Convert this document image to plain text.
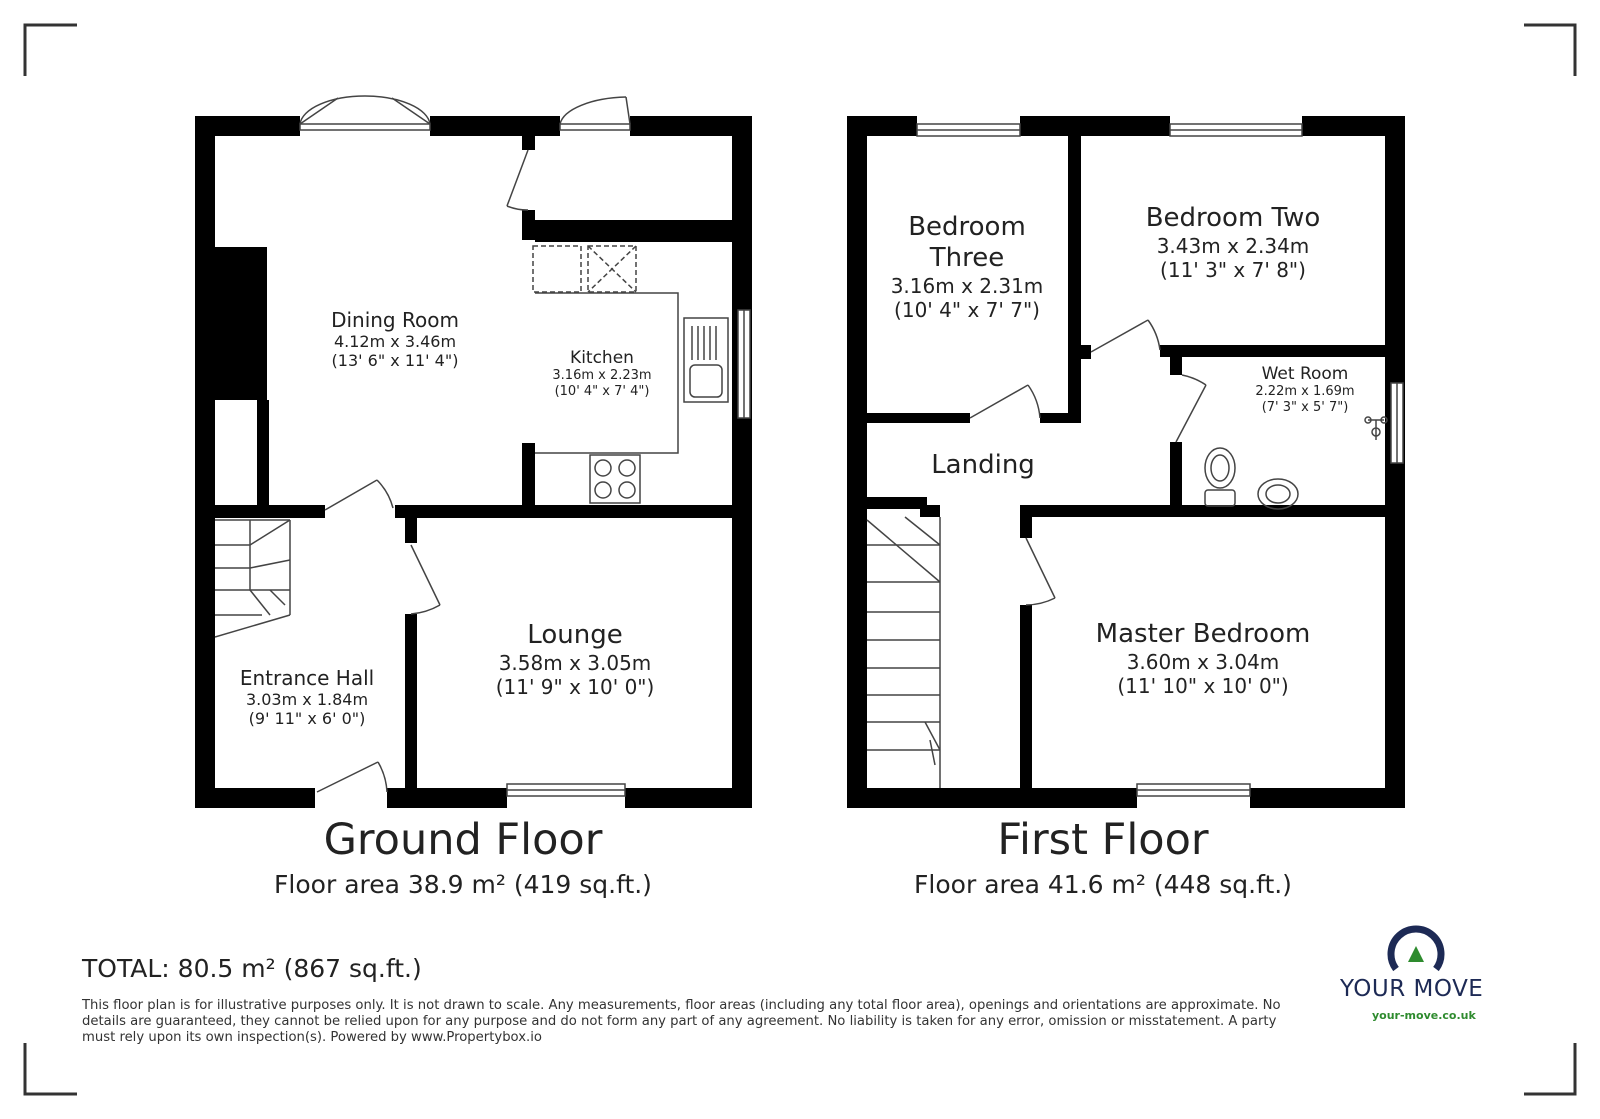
Dining Room
4.12m x 3.46m
(13' 6" x 11' 4")	Kitchen
3.16m x 2.23m
(10' 4" x 7' 4")
Entrance Hall
3.03m x 1.84m
(9' 11" x 6' 0")
Lounge
3.58m x 3.05m
(11' 9" x 10' 0")
Bedroom
Three
3.16m x 2.31m
(10' 4" x 7' 7")
Bedroom Two
3.43m x 2.34m
(11' 3" x 7' 8")
Wet Room
2.22m x 1.69m
(7' 3" x 5' 7")
Landing
Master Bedroom
3.60m x 3.04m
(11' 10" x 10' 0")
Ground Floor
Floor area 38.9 m² (419 sq.ft.)
First Floor
Floor area 41.6 m² (448 sq.ft.)
TOTAL: 80.5 m² (867 sq.ft.)
This floor plan is for illustrative purposes only. It is not drawn to scale. Any measurements, floor areas (including any total floor area), openings and orientations are approximate. No details are guaranteed, they cannot be relied upon for any purpose and do not form any part of any agreement. No liability is taken for any error, omission or misstatement. A party must rely upon its own inspection(s). Powered by www.Propertybox.io
YOUR MOVE
your-move.co.uk
